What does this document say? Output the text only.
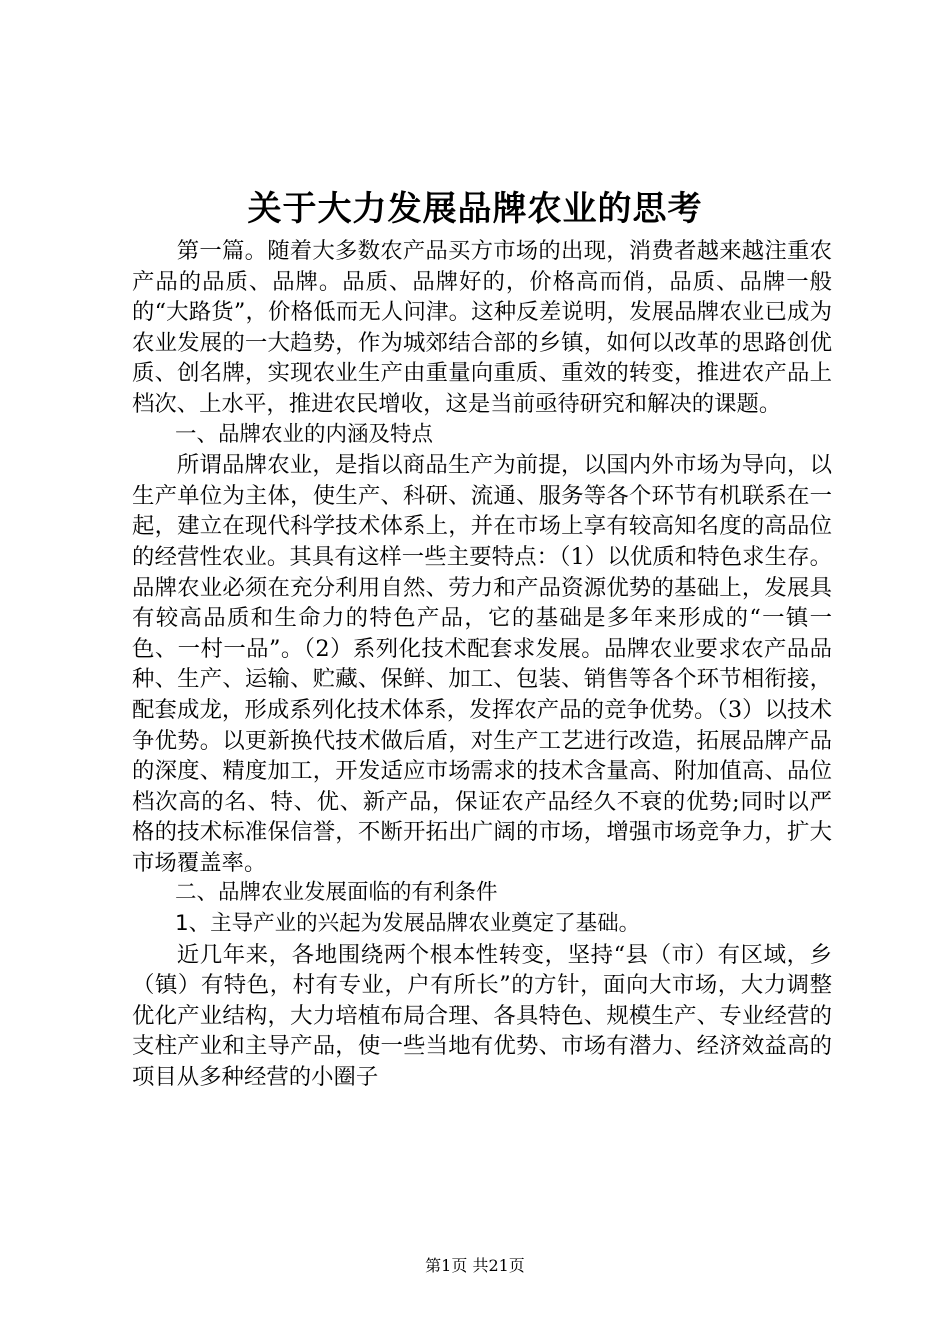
关于大力发展品牌农业的思考

第一篇。随着大多数农产品买方市场的出现，消费者越来越注重农产品的品质、品牌。品质、品牌好的，价格高而俏，品质、品牌一般的“大路货”，价格低而无人问津。这种反差说明，发展品牌农业已成为农业发展的一大趋势，作为城郊结合部的乡镇，如何以改革的思路创优质、创名牌，实现农业生产由重量向重质、重效的转变，推进农产品上档次、上水平，推进农民增收，这是当前亟待研究和解决的课题。

一、品牌农业的内涵及特点

所谓品牌农业，是指以商品生产为前提，以国内外市场为导向，以生产单位为主体，使生产、科研、流通、服务等各个环节有机联系在一起，建立在现代科学技术体系上，并在市场上享有较高知名度的高品位的经营性农业。其具有这样一些主要特点：（1）以优质和特色求生存。品牌农业必须在充分利用自然、劳力和产品资源优势的基础上，发展具有较高品质和生命力的特色产品，它的基础是多年来形成的“一镇一色、一村一品”。（2）系列化技术配套求发展。品牌农业要求农产品品种、生产、运输、贮藏、保鲜、加工、包装、销售等各个环节相衔接，配套成龙，形成系列化技术体系，发挥农产品的竞争优势。（3）以技术争优势。以更新换代技术做后盾，对生产工艺进行改造，拓展品牌产品的深度、精度加工，开发适应市场需求的技术含量高、附加值高、品位档次高的名、特、优、新产品，保证农产品经久不衰的优势;同时以严格的技术标准保信誉，不断开拓出广阔的市场，增强市场竞争力，扩大市场覆盖率。

二、品牌农业发展面临的有利条件

1、主导产业的兴起为发展品牌农业奠定了基础。

近几年来，各地围绕两个根本性转变，坚持“县（市）有区域，乡（镇）有特色，村有专业，户有所长”的方针，面向大市场，大力调整优化产业结构，大力培植布局合理、各具特色、规模生产、专业经营的支柱产业和主导产品，使一些当地有优势、市场有潜力、经济效益高的项目从多种经营的小圈子

第1页 共21页
